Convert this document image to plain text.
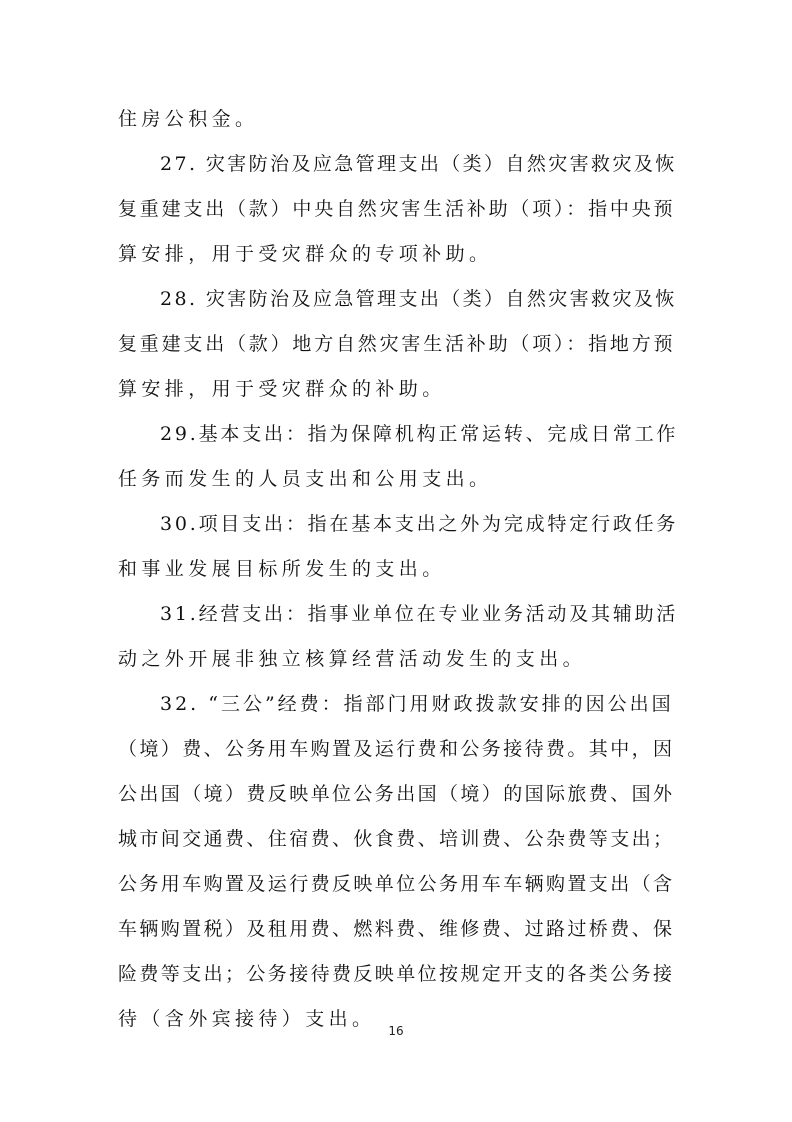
住房公积金。
27. 灾害防治及应急管理支出（类）自然灾害救灾及恢
复重建支出（款）中央自然灾害生活补助（项）：指中央预
算安排，用于受灾群众的专项补助。
28. 灾害防治及应急管理支出（类）自然灾害救灾及恢
复重建支出（款）地方自然灾害生活补助（项）：指地方预
算安排，用于受灾群众的补助。
29.基本支出：指为保障机构正常运转、完成日常工作
任务而发生的人员支出和公用支出。
30.项目支出：指在基本支出之外为完成特定行政任务
和事业发展目标所发生的支出。
31.经营支出：指事业单位在专业业务活动及其辅助活
动之外开展非独立核算经营活动发生的支出。
32. “三公”经费：指部门用财政拨款安排的因公出国
（境）费、公务用车购置及运行费和公务接待费。其中，因
公出国（境）费反映单位公务出国（境）的国际旅费、国外
城市间交通费、住宿费、伙食费、培训费、公杂费等支出；
公务用车购置及运行费反映单位公务用车车辆购置支出（含
车辆购置税）及租用费、燃料费、维修费、过路过桥费、保
险费等支出；公务接待费反映单位按规定开支的各类公务接
待（含外宾接待）支出。
16
